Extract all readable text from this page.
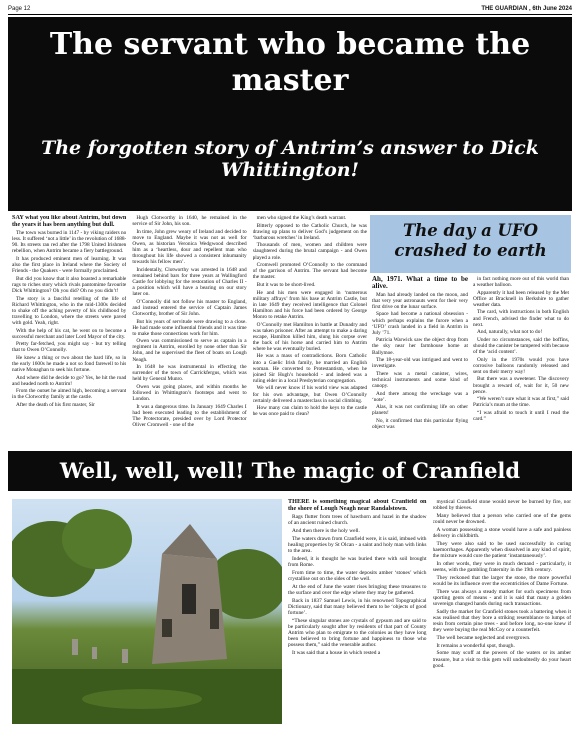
Page 12	THE GUARDIAN , 6th June 2024
The servant who became the master
The forgotten story of Antrim’s answer to Dick Whittington!

SAY what you like about Antrim, but down the years it has been anything but dull.

The town was burned in 1147 - by viking raiders no less. It suffered ‘not a little’ in the revolution of 1688-90. Its streets ran red after the 1798 United Irishmen rebellion, when Antrim became a fiery battleground.

It has produced eminent men of learning. It was also the first place in Ireland where the Society of Friends - the Quakers - were formally proclaimed.

But did you know that it also boasted a remarkable rags to riches story which rivals pantomime favourite Dick Whittington? Oh you did? Oh no you didn’t!

The story is a fanciful retelling of the life of Richard Whittington, who in the mid-1300s decided to shake off the aching poverty of his childhood by travelling to London, where the streets were paved with gold. Yeah, right.

With the help of his cat, he went on to become a successful merchant and later Lord Mayor of the city.

Pretty far-fetched, you might say - but try telling that to Owen O’Connolly.

He knew a thing or two about the hard life, so in the early 1600s he made a not so fond farewell to his native Monaghan to seek his fortune.

And where did he decide to go? Yes, he hit the road and headed north to Antrim!

From the outset he aimed high, becoming a servant in the Clotworthy family at the castle.

After the death of his first master, Sir

Hugh Clotworthy in 1640, he remained in the service of Sir John, his son.

In time, John grew weary of Ireland and decided to move to England. Maybe it was not as well for Owen, as historian Veronica Wedgwood described him as a ‘heartless, dour and repellent man who throughout his life showed a consistent inhumanity towards his fellow men’.

Incidentally, Clotworthy was arrested in 1648 and remained behind bars for three years at Wallingford Castle for lobbying for the restoration of Charles II - a position which will have a bearing on our story later on.

O’Connolly did not follow his master to England, and instead entered the service of Captain James Clotworthy, brother of Sir John.

But his years of servitude were drawing to a close. He had made some influential friends and it was time to make those connections work for him.

Owen was commissioned to serve as captain in a regiment in Antrim, enrolled by none other than Sir John, and he supervised the fleet of boats on Lough Neagh.

In 1648 he was instrumental in effecting the surrender of the town of Carrickfergus, which was held by General Munro.

Owen was going places, and within months he followed in Whittington’s footsteps and went to London.

It was a dangerous time. In January 1649 Charles I had been executed leading to the establishment of The Protectorate, presided over by Lord Protector Oliver Cromwell - one of the

men who signed the King’s death warrant.

Bitterly opposed to the Catholic Church, he was drawing up plans to deliver God’s judgement on the ‘barbarous wretches’ in Ireland.

Thousands of men, women and children were slaughtered during the brutal campaign - and Owen played a role.

Cromwell promoted O’Connolly to the command of the garrison of Antrim. The servant had become the master.

But it was to be short-lived.

He and his men were engaged in ‘numerous military affrays’ from his base at Antrim Castle, but in late 1649 they received intelligence that Colonel Hamilton and his force had been ordered by George Monro to retake Antrim.

O’Connolly met Hamilton in battle at Dunadry and was taken prisoner. After an attempt to make a daring escape, Hamilton killed him, slung his corpse over the back of his horse and carried him to Antrim where he was eventually buried.

He was a mass of contradictions. Born Catholic into a Gaelic Irish family, he married an English woman. He converted to Protestantism, when he joined Sir Hugh’s household - and indeed was a ruling elder in a local Presbyterian congregation.

We will never know if his world view was adapted for his own advantage, but Owen O’Connolly certainly delivered a masterclass in social climbing.

How many can claim to hold the keys to the castle he was once paid to clean?

The day a UFO crashed to earth

Ah, 1971. What a time to be alive.

Man had already landed on the moon, and that very year astronauts went for their very first drive on the lunar surface.

Space had become a national obsession - which perhaps explains the furore when a ‘UFO’ crash landed in a field in Antrim in July ’71.

Patricia Warwick saw the object drop from the sky near her farmhouse home at Ballymoe.

The 18-year-old was intrigued and went to investigate.

There was a metal canister, wires, technical instruments and some kind of canopy.

And there among the wreckage was a ‘note’.

Alas, it was not confirming life on other planets!

No, it confirmed that this particular flying object was

in fact nothing more out of this world than a weather balloon.

Apparently it had been released by the Met Office at Bracknell in Berkshire to gather weather data.

The card, with instructions in both English and French, advised the finder what to do next.

And, naturally, what not to do!

Under no circumstances, said the boffins, should the canister be tampered with because of the ‘acid content’.

Only in the 1970s would you have corrosive balloons randomly released and sent on their merry way!

But there was a sweetener. The discovery brought a reward of, wait for it, 50 new pence.

“We weren’t sure what it was at first,” said Patricia’s mum at the time.

“I was afraid to touch it until I read the card.”

Well, well, well! The magic of Cranfield

THERE is something magical about Cranfield on the shore of Lough Neagh near Randalstown.

Rags flutter from trees of hawthorn and hazel in the shadow of an ancient ruined church.

And then there is the holy well.

The waters drawn from Cranfield were, it is said, imbued with healing properties by St Olcan - a saint and holy man with links to the area.

Indeed, it is thought he was buried there with soil brought from Rome.

From time to time, the water deposits amber ‘stones’ which crystallise out on the sides of the well.

At the end of June the water rises bringing these treasures to the surface and over the edge where they may be gathered.

Back in 1837 Samuel Lewis, in his renowned Topographical Dictionary, said that many believed them to be ‘objects of good fortune’.

“These singular stones are crystals of gypsum and are said to be particularly sought after by residents of that part of County Antrim who plan to emigrate to the colonies as they have long been believed to bring fortune and happiness to those who possess them,” said the venerable author.

It was said that a house in which rested a

mystical Cranfield stone would never be burned by fire, nor robbed by thieves.

Many believed that a person who carried one of the gems could never be drowned.

A woman possessing a stone would have a safe and painless delivery in childbirth.

They were also said to be used successfully in curing haemorrhages. Apparently when dissolved in any kind of spirit, the mixture would cure the patient ‘instantaneously’.

In other words, they were in much demand - particularly, it seems, with the gambling fraternity in the 19th century.

They reckoned that the larger the stone, the more powerful would be its influence over the eccentricities of Dame Fortune.

There was always a steady market for such specimens from sporting gents of means - and it is said that many a golden sovereign changed hands during such transactions.

Sadly the market for Cranfield stones took a battering when it was realised that they bore a striking resemblance to lumps of resin from certain pine trees - and before long, no-one knew if they were buying the real McCoy or a counterfeit.

The well became neglected and overgrown.

It remains a wonderful spot, though.

Some may scoff at the powers of the waters or its amber treasure, but a visit to this gem will undoubtedly do your heart good.
